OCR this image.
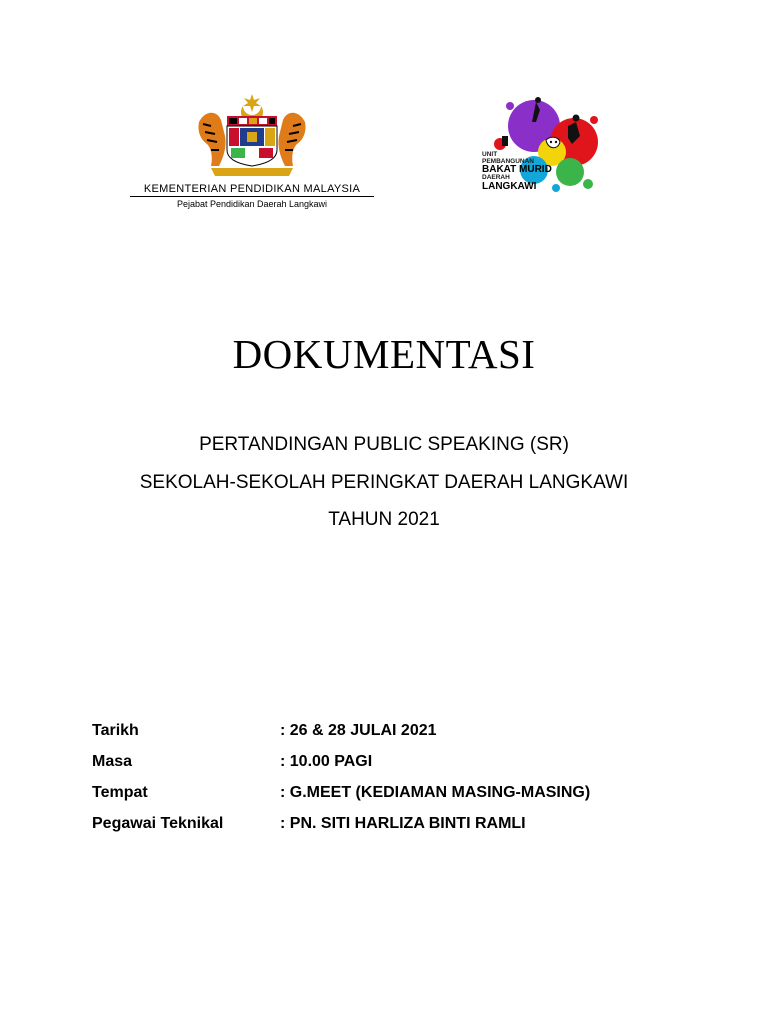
KEMENTERIAN PENDIDIKAN MALAYSIA
Pejabat Pendidikan Daerah Langkawi
UNIT
PEMBANGUNAN
BAKAT MURID
DAERAH
LANGKAWI
DOKUMENTASI
PERTANDINGAN PUBLIC SPEAKING (SR)
SEKOLAH-SEKOLAH PERINGKAT DAERAH LANGKAWI
TAHUN 2021
Tarikh	: 26 & 28 JULAI 2021
Masa	: 10.00 PAGI
Tempat	: G.MEET (KEDIAMAN MASING-MASING)
Pegawai Teknikal	: PN. SITI HARLIZA BINTI RAMLI
